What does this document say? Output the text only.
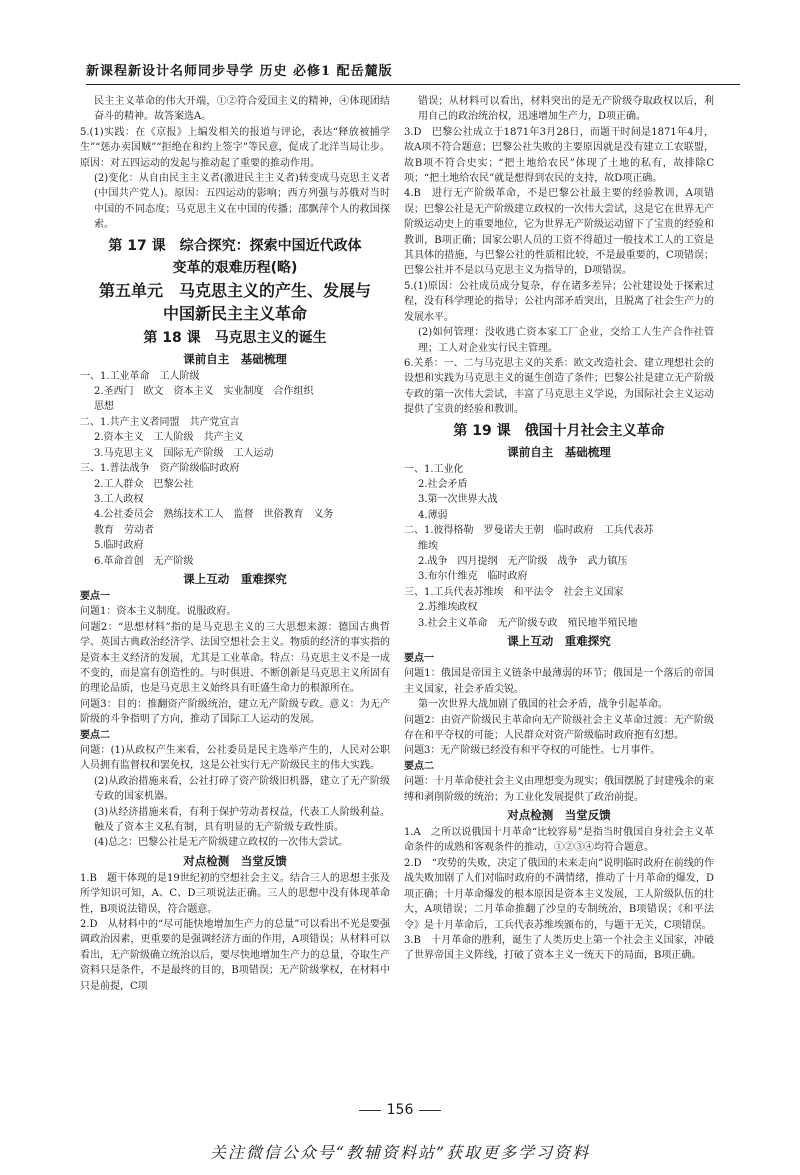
新课程新设计名师同步导学 历史 必修1 配岳麓版

民主主义革命的伟大开端，①②符合爱国主义的精神，④体现团结奋斗的精神。故答案选A。

5.(1)实践：在《京报》上编发相关的报道与评论，表达“释放被捕学生”“惩办卖国贼”“拒绝在和约上签字”等民意，促成了北洋当局让步。原因：对五四运动的发起与推动起了重要的推动作用。

(2)变化：从自由民主主义者(激进民主主义者)转变成马克思主义者(中国共产党人)。原因：五四运动的影响；西方列强与苏俄对当时中国的不同态度；马克思主义在中国的传播；邵飘萍个人的救国探索。

第 17 课　综合探究：探索中国近代政体
变革的艰难历程(略)
第五单元　马克思主义的产生、发展与
中国新民主主义革命
第 18 课　马克思主义的诞生
课前自主　基础梳理

一、1.工业革命　工人阶级

2.圣西门　欧文　资本主义　实业制度　合作组织

思想

二、1.共产主义者同盟　共产党宣言

2.资本主义　工人阶级　共产主义

3.马克思主义　国际无产阶级　工人运动

三、1.普法战争　资产阶级临时政府

2.工人群众　巴黎公社

3.工人政权

4.公社委员会　熟练技术工人　监督　世俗教育　义务

教育　劳动者

5.临时政府

6.革命首创　无产阶级

课上互动　重难探究
要点一

问题1：资本主义制度。说服政府。

问题2：“思想材料”指的是马克思主义的三大思想来源：德国古典哲学、英国古典政治经济学、法国空想社会主义。物质的经济的事实指的是资本主义经济的发展，尤其是工业革命。特点：马克思主义不是一成不变的，而是富有创造性的。与时俱进、不断创新是马克思主义所固有的理论品质，也是马克思主义始终具有旺盛生命力的根源所在。

问题3：目的：推翻资产阶级统治，建立无产阶级专政。意义：为无产阶级的斗争指明了方向，推动了国际工人运动的发展。

要点二

问题：(1)从政权产生来看，公社委员是民主选举产生的，人民对公职人员拥有监督权和罢免权，这是公社实行无产阶级民主的伟大实践。

(2)从政治措施来看，公社打碎了资产阶级旧机器，建立了无产阶级专政的国家机器。

(3)从经济措施来看，有利于保护劳动者权益，代表工人阶级利益。触及了资本主义私有制，具有明显的无产阶级专政性质。

(4)总之：巴黎公社是无产阶级建立政权的一次伟大尝试。

对点检测　当堂反馈

1.B　题干体现的是19世纪初的空想社会主义。结合三人的思想主张及所学知识可知，A、C、D三项说法正确。三人的思想中没有体现革命性，B项说法错误，符合题意。

2.D　从材料中的“尽可能快地增加生产力的总量”可以看出不光是要强调政治因素，更重要的是强调经济方面的作用，A项错误；从材料可以看出，无产阶级确立统治以后，要尽快地增加生产力的总量，夺取生产资料只是条件，不是最终的目的，B项错误；无产阶级掌权，在材料中只是前提，C项

错误；从材料可以看出，材料突出的是无产阶级夺取政权以后，利用自己的政治统治权，迅速增加生产力，D项正确。

3.D　巴黎公社成立于1871年3月28日，而题干时间是1871年4月，故A项不符合题意；巴黎公社失败的主要原因就是没有建立工农联盟，故B项不符合史实；“把土地给农民”体现了土地的私有，故排除C项；“把土地给农民”就是想得到农民的支持，故D项正确。

4.B　进行无产阶级革命，不是巴黎公社最主要的经验教训，A项错误；巴黎公社是无产阶级建立政权的一次伟大尝试，这是它在世界无产阶级运动史上的重要地位，它为世界无产阶级运动留下了宝贵的经验和教训，B项正确；国家公职人员的工资不得超过一般技术工人的工资是其具体的措施，与巴黎公社的性质相比较，不是最重要的，C项错误；巴黎公社并不是以马克思主义为指导的，D项错误。

5.(1)原因：公社成员成分复杂，存在诸多差异；公社建设处于探索过程，没有科学理论的指导；公社内部矛盾突出，且脱离了社会生产力的发展水平。

(2)如何管理：没收逃亡资本家工厂企业，交给工人生产合作社管理；工人对企业实行民主管理。

6.关系：一、二与马克思主义的关系：欧文改造社会、建立理想社会的设想和实践为马克思主义的诞生创造了条件；巴黎公社是建立无产阶级专政的第一次伟大尝试，丰富了马克思主义学说，为国际社会主义运动提供了宝贵的经验和教训。

第 19 课　俄国十月社会主义革命
课前自主　基础梳理

一、1.工业化

2.社会矛盾

3.第一次世界大战

4.薄弱

二、1.彼得格勒　罗曼诺夫王朝　临时政府　工兵代表苏

维埃

2.战争　四月提纲　无产阶级　战争　武力镇压

3.布尔什维克　临时政府

三、1.工兵代表苏维埃　和平法令　社会主义国家

2.苏维埃政权

3.社会主义革命　无产阶级专政　殖民地半殖民地

课上互动　重难探究
要点一

问题1：俄国是帝国主义链条中最薄弱的环节；俄国是一个落后的帝国主义国家，社会矛盾尖锐。

第一次世界大战加剧了俄国的社会矛盾，战争引起革命。

问题2：由资产阶级民主革命向无产阶级社会主义革命过渡：无产阶级存在和平夺权的可能；人民群众对资产阶级临时政府抱有幻想。

问题3：无产阶级已经没有和平夺权的可能性。七月事件。

要点二

问题：十月革命使社会主义由理想变为现实；俄国摆脱了封建残余的束缚和剥削阶级的统治；为工业化发展提供了政治前提。

对点检测　当堂反馈

1.A　之所以说俄国十月革命“比较容易”是指当时俄国自身社会主义革命条件的成熟和客观条件的推动，①②③④均符合题意。

2.D　“攻势的失败，决定了俄国的未来走向”说明临时政府在前线的作战失败加剧了人们对临时政府的不满情绪，推动了十月革命的爆发，D项正确；十月革命爆发的根本原因是资本主义发展，工人阶级队伍的壮大，A项错误；二月革命推翻了沙皇的专制统治，B项错误；《和平法令》是十月革命后，工兵代表苏维埃颁布的，与题干无关，C项错误。

3.B　十月革命的胜利，诞生了人类历史上第一个社会主义国家，冲破了世界帝国主义阵线，打破了资本主义一统天下的局面，B项正确。

156
关注微信公众号“教辅资料站”获取更多学习资料
